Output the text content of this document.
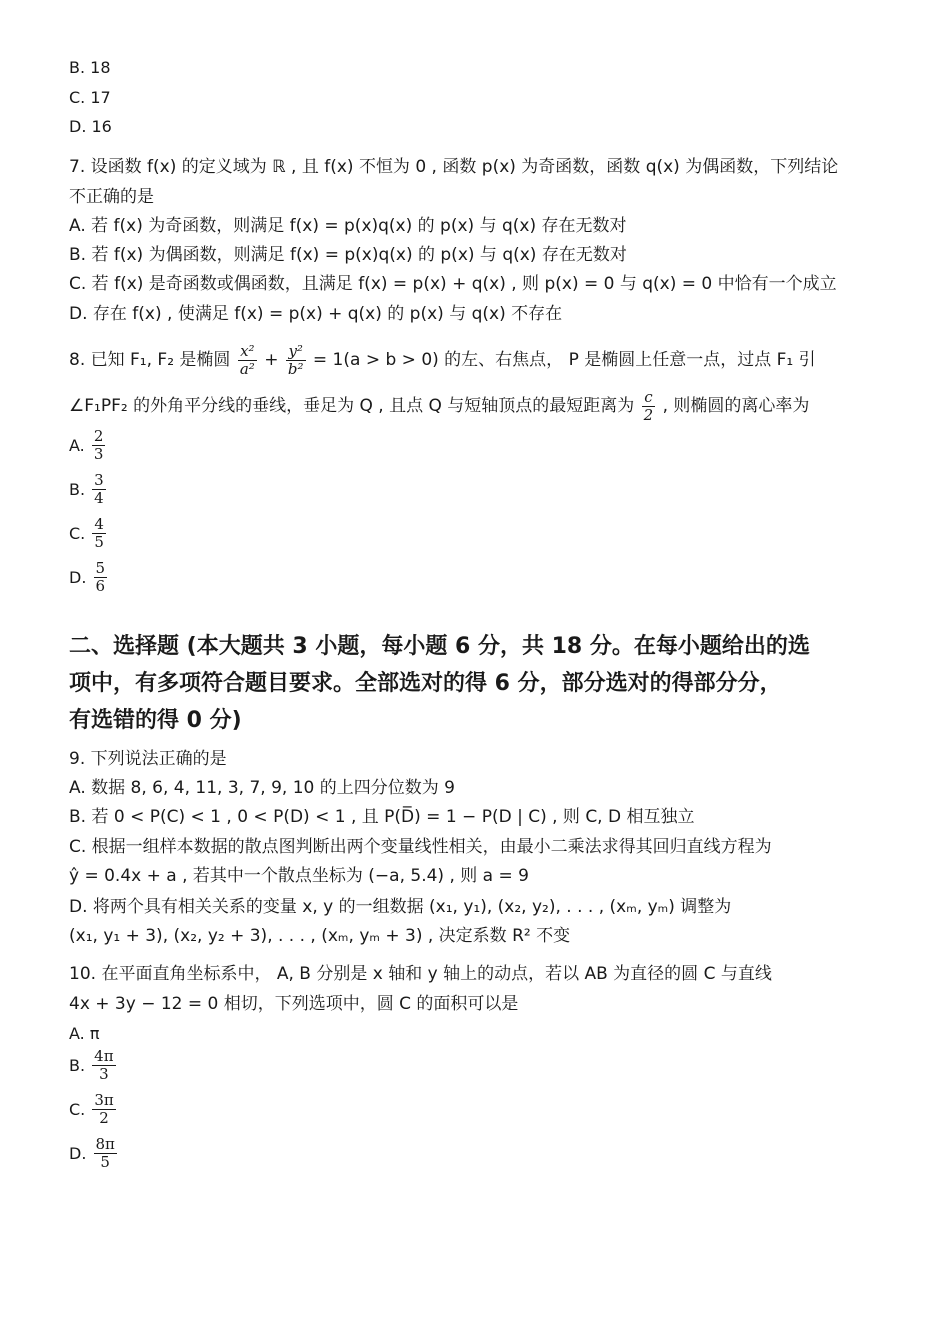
B. 18
C. 17
D. 16
7. 设函数 f(x) 的定义域为 ℝ , 且 f(x) 不恒为 0 , 函数 p(x) 为奇函数，函数 q(x) 为偶函数，下列结论
不正确的是
A. 若 f(x) 为奇函数，则满足 f(x) = p(x)q(x) 的 p(x) 与 q(x) 存在无数对
B. 若 f(x) 为偶函数，则满足 f(x) = p(x)q(x) 的 p(x) 与 q(x) 存在无数对
C. 若 f(x) 是奇函数或偶函数，且满足 f(x) = p(x) + q(x) , 则 p(x) = 0 与 q(x) = 0 中恰有一个成立
D. 存在 f(x) , 使满足 f(x) = p(x) + q(x) 的 p(x) 与 q(x) 不存在
8. 已知 F₁, F₂ 是椭圆 $\frac{\text{x²}}{\text{a²}} + \frac{\text{y²}}{\text{b²}} = 1(a > b > 0)$ 的左、右焦点， P 是椭圆上任意一点，过点 F₁ 引
∠F₁PF₂ 的外角平分线的垂线，垂足为 Q , 且点 Q 与短轴顶点的最短距离为 $\frac{c}{2}$ , 则椭圆的离心率为
A. $\frac{2}{3}$
B. $\frac{3}{4}$
C. $\frac{4}{5}$
D. $\frac{5}{6}$
二、选择题 (本大题共 3 小题，每小题 6 分，共 18 分。在每小题给出的选
项中，有多项符合题目要求。全部选对的得 6 分，部分选对的得部分分，
有选错的得 0 分)
9. 下列说法正确的是
A. 数据 8, 6, 4, 11, 3, 7, 9, 10 的上四分位数为 9
B. 若 0 < P(C) < 1 , 0 < P(D) < 1 , 且 P(D̅) = 1 − P(D | C) , 则 C, D 相互独立
C. 根据一组样本数据的散点图判断出两个变量线性相关，由最小二乘法求得其回归直线方程为
ŷ = 0.4x + a , 若其中一个散点坐标为 (−a, 5.4) , 则 a = 9
D. 将两个具有相关关系的变量 x, y 的一组数据 (x₁, y₁), (x₂, y₂), . . . , (xₘ, yₘ) 调整为
(x₁, y₁ + 3), (x₂, y₂ + 3), . . . , (xₘ, yₘ + 3) , 决定系数 R² 不变
10. 在平面直角坐标系中， A, B 分别是 x 轴和 y 轴上的动点，若以 AB 为直径的圆 C 与直线
4x + 3y − 12 = 0 相切，下列选项中，圆 C 的面积可以是
A. π
B. $\frac{4\pi}{3}$
C. $\frac{3\pi}{2}$
D. $\frac{8\pi}{5}$
